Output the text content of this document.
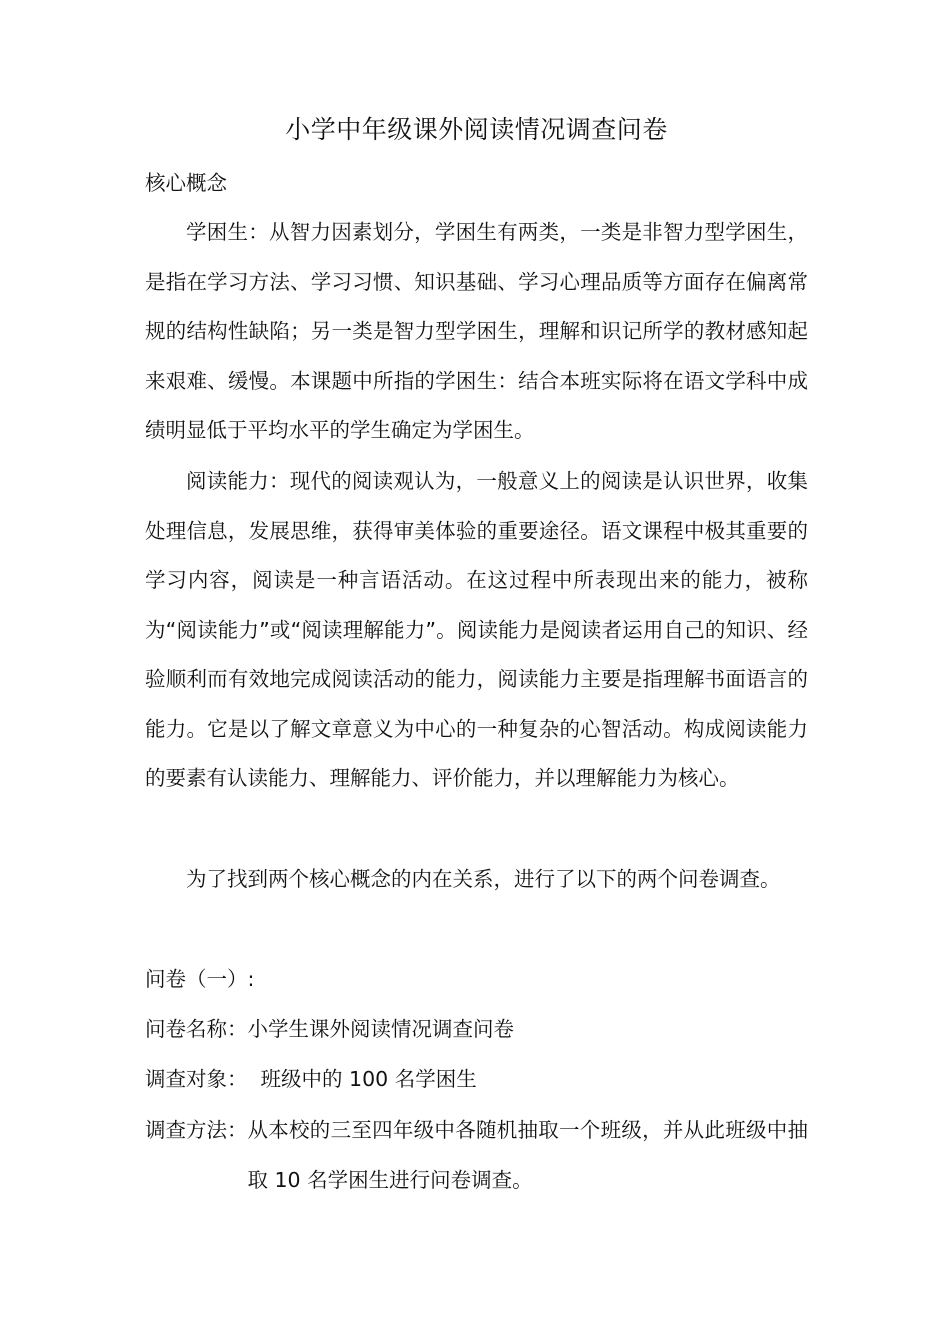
小学中年级课外阅读情况调查问卷
核心概念

学困生：从智力因素划分，学困生有两类，一类是非智力型学困生，是指在学习方法、学习习惯、知识基础、学习心理品质等方面存在偏离常规的结构性缺陷；另一类是智力型学困生，理解和识记所学的教材感知起来艰难、缓慢。本课题中所指的学困生：结合本班实际将在语文学科中成绩明显低于平均水平的学生确定为学困生。

阅读能力：现代的阅读观认为，一般意义上的阅读是认识世界，收集处理信息，发展思维，获得审美体验的重要途径。语文课程中极其重要的学习内容，阅读是一种言语活动。在这过程中所表现出来的能力，被称为“阅读能力”或“阅读理解能力”。阅读能力是阅读者运用自己的知识、经验顺利而有效地完成阅读活动的能力，阅读能力主要是指理解书面语言的能力。它是以了解文章意义为中心的一种复杂的心智活动。构成阅读能力的要素有认读能力、理解能力、评价能力，并以理解能力为核心。

为了找到两个核心概念的内在关系，进行了以下的两个问卷调查。

问卷（一）:
问卷名称：小学生课外阅读情况调查问卷
调查对象：  班级中的 100 名学困生
调查方法： 从本校的三至四年级中各随机抽取一个班级，并从此班级中抽取 10 名学困生进行问卷调查。
